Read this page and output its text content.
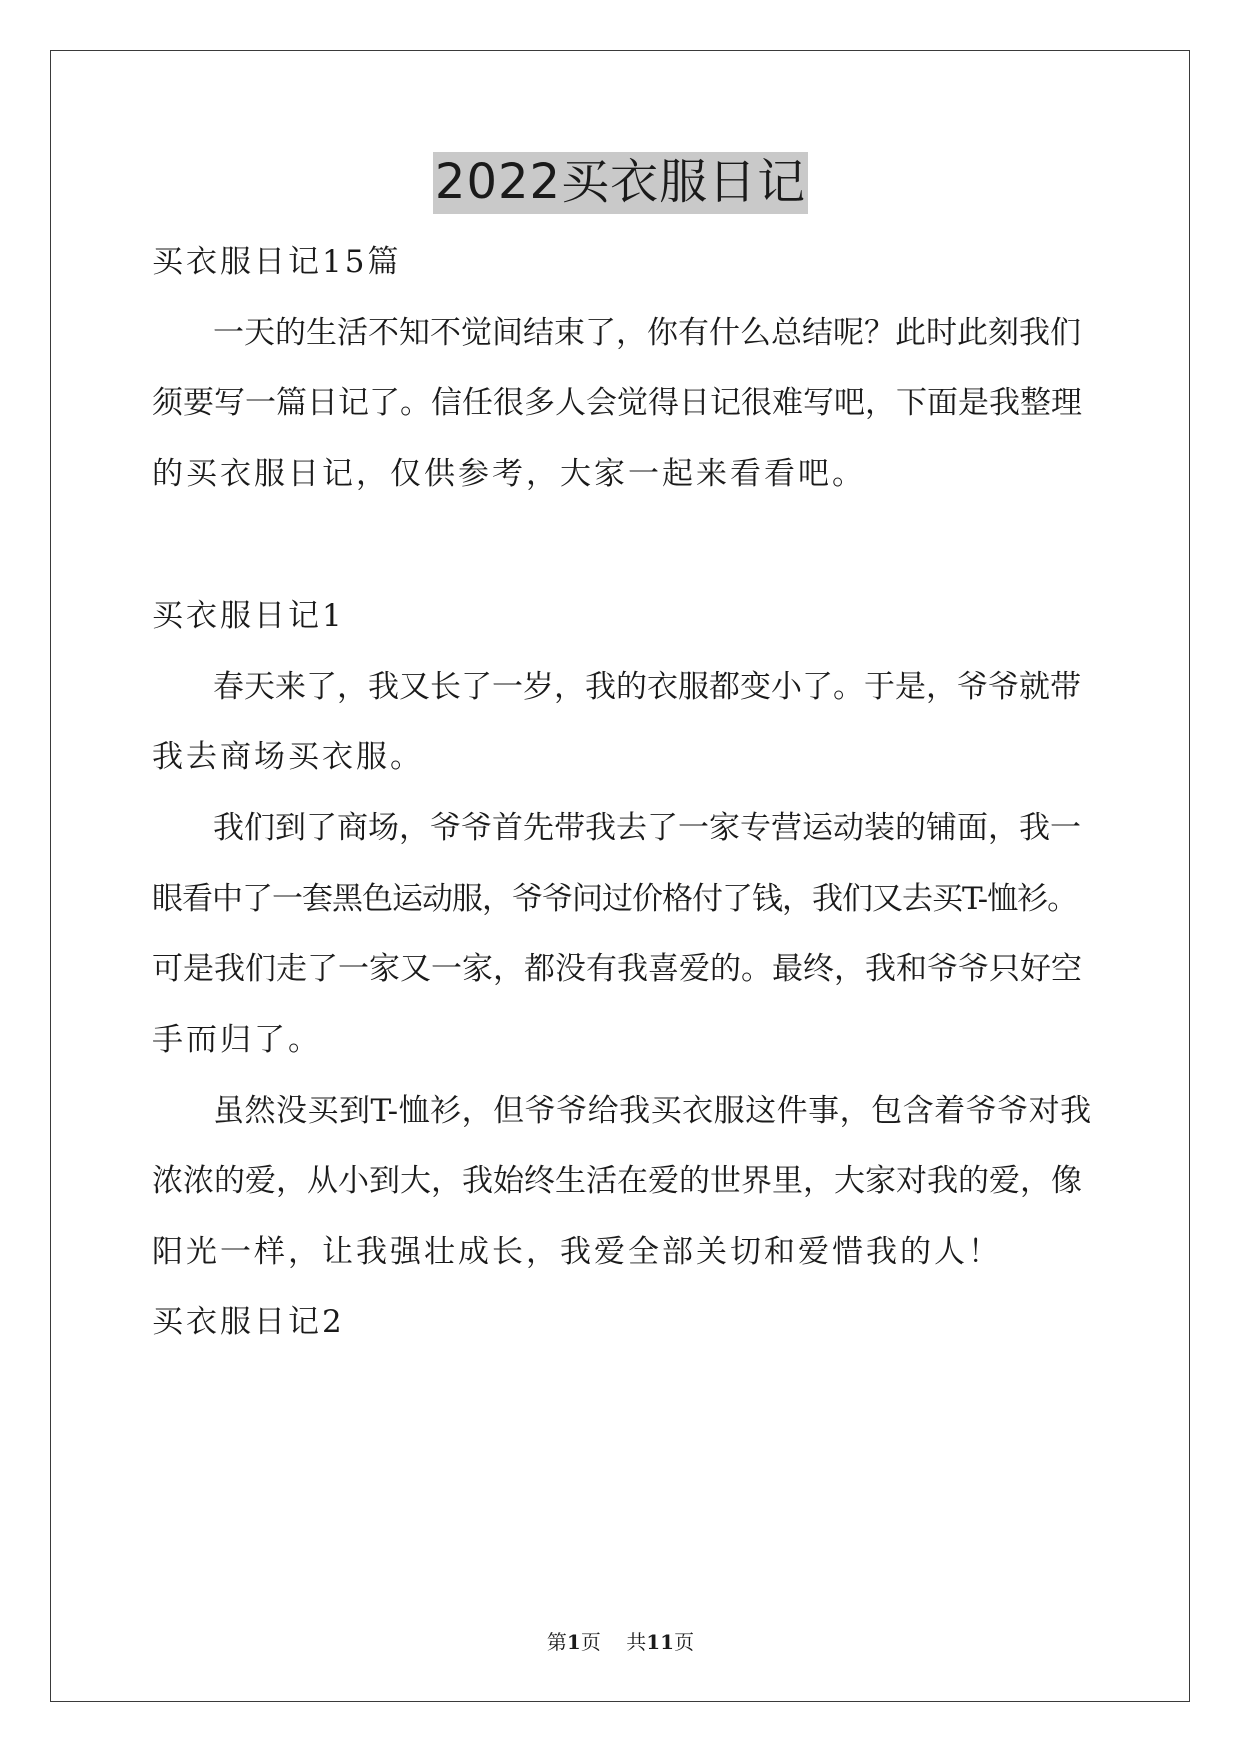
2022买衣服日记

买衣服日记15篇

一天的生活不知不觉间结束了，你有什么总结呢？此时此刻我们

须要写一篇日记了。信任很多人会觉得日记很难写吧，下面是我整理

的买衣服日记，仅供参考，大家一起来看看吧。

买衣服日记1

春天来了，我又长了一岁，我的衣服都变小了。于是，爷爷就带

我去商场买衣服。

我们到了商场，爷爷首先带我去了一家专营运动装的铺面，我一

眼看中了一套黑色运动服，爷爷问过价格付了钱，我们又去买T-恤衫。

可是我们走了一家又一家，都没有我喜爱的。最终，我和爷爷只好空

手而归了。

虽然没买到T-恤衫，但爷爷给我买衣服这件事，包含着爷爷对我

浓浓的爱，从小到大，我始终生活在爱的世界里，大家对我的爱，像

阳光一样，让我强壮成长，我爱全部关切和爱惜我的人！

买衣服日记2

第1页 共11页
